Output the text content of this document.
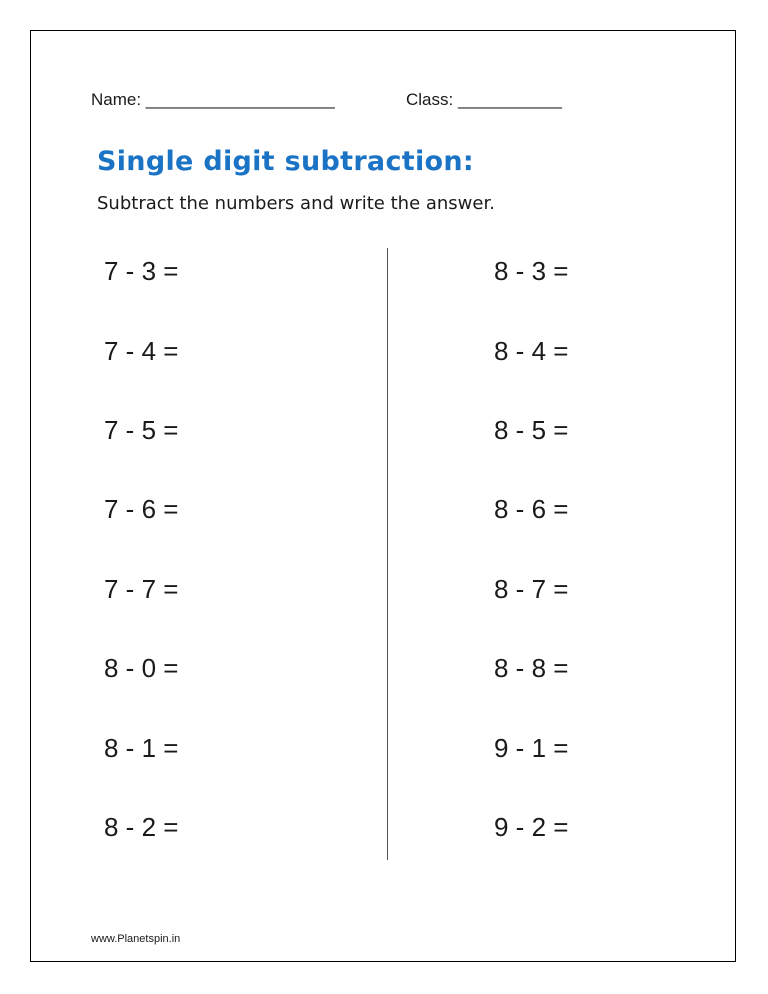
Name: ____________________	Class: ___________
Single digit subtraction:
Subtract the numbers and write the answer.
7 - 3 =
7 - 4 =
7 - 5 =
7 - 6 =
7 - 7 =
8 - 0 =
8 - 1 =
8 - 2 =
8 - 3 =
8 - 4 =
8 - 5 =
8 - 6 =
8 - 7 =
8 - 8 =
9 - 1 =
9 - 2 =
www.Planetspin.in
